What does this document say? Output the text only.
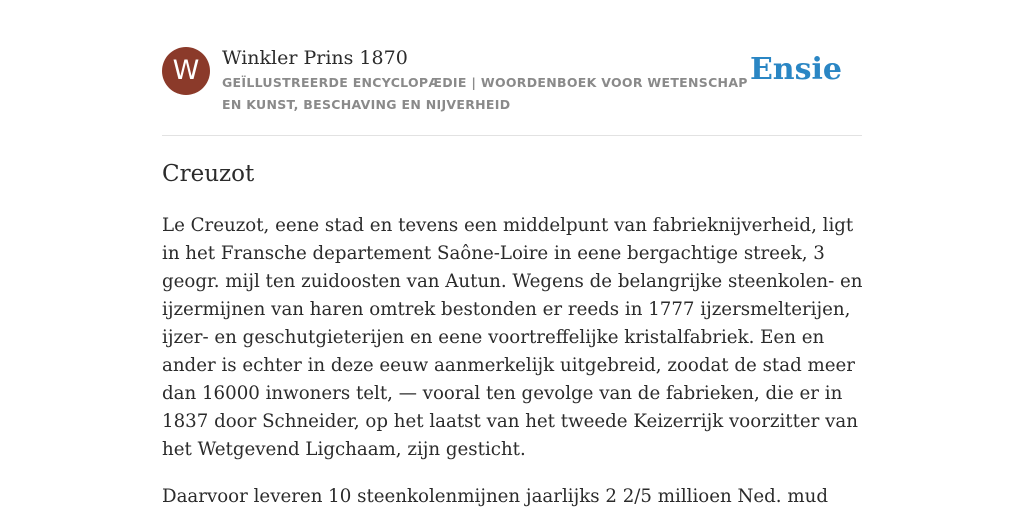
W	Winkler Prins 1870
GEÏLLUSTREERDE ENCYCLOPÆDIE | WOORDENBOEK VOOR WETENSCHAP EN KUNST, BESCHAVING EN NIJVERHEID
Ensie
Creuzot

Le Creuzot, eene stad en tevens een middelpunt van fabrieknijverheid, ligt in het Fransche departement Saône-Loire in eene bergachtige streek, 3 geogr. mijl ten zuidoosten van Autun. Wegens de belangrijke steenkolen- en ijzermijnen van haren omtrek bestonden er reeds in 1777 ijzersmelterijen, ijzer- en geschutgieterijen en eene voortreffelijke kristalfabriek. Een en ander is echter in deze eeuw aanmerkelijk uitgebreid, zoodat de stad meer dan 16000 inwoners telt, — vooral ten gevolge van de fabrieken, die er in 1837 door Schneider, op het laatst van het tweede Keizerrijk voorzitter van het Wetgevend Ligchaam, zijn gesticht.

Daarvoor leveren 10 steenkolenmijnen jaarlijks 2 2/5 millioen Ned. mud
